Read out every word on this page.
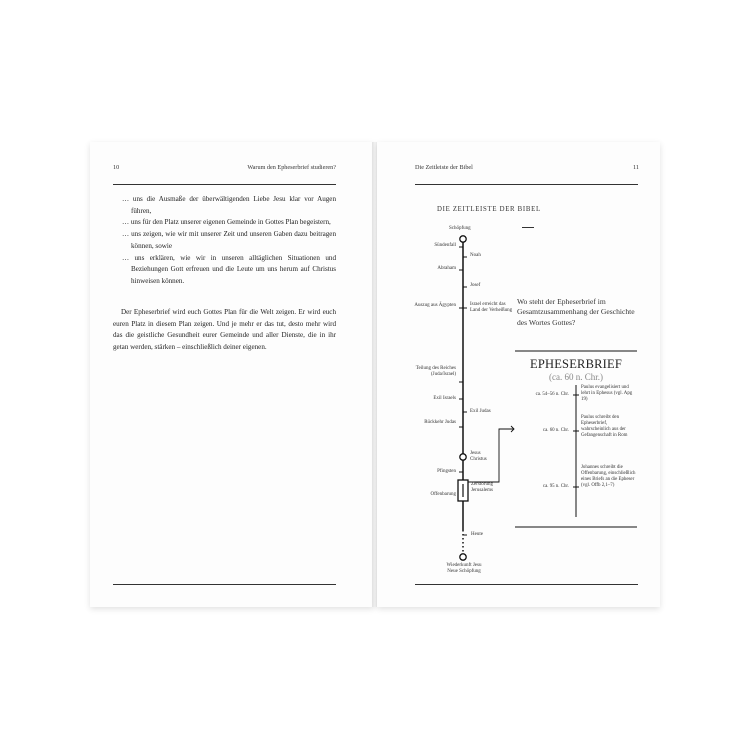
10	Warum den Epheserbrief studieren?
… uns die Ausmaße der überwältigenden Liebe Jesu klar vor Augen führen,
… uns für den Platz unserer eigenen Gemeinde in Gottes Plan begeistern,
… uns zeigen, wie wir mit unserer Zeit und unseren Gaben dazu beitragen können, sowie
… uns erklären, wie wir in unseren alltäglichen Situationen und Beziehungen Gott erfreuen und die Leute um uns herum auf Christus hinweisen können.

Der Epheserbrief wird euch Gottes Plan für die Welt zeigen. Er wird euch euren Platz in diesem Plan zeigen. Und je mehr er das tut, desto mehr wird das die geistliche Gesundheit eurer Gemeinde und aller Dienste, die in ihr getan werden, stärken – einschließlich deiner eigenen.

Die Zeitleiste der Bibel	11
DIE ZEITLEISTE DER BIBEL
Schöpfung
Sündenfall
Noah
Abraham
Josef
Auszug aus Ägypten	Israel erreicht das Land der Verheißung
Teilung des Reiches (Juda/Israel)
Exil Israels
Exil Judas
Rückkehr Judas
Jesus Christus
Pfingsten
Zerstörung Jerusalems
Offenbarung
Heute
Wiederkunft Jesu Neue Schöpfung
Wo steht der Epheserbrief im Gesamtzusammenhang der Geschichte des Wortes Gottes?
EPHESERBRIEF
(ca. 60 n. Chr.)
ca. 54–56 n. Chr.
Paulus evangelisiert und lehrt in Ephesus (vgl. Apg 19)
ca. 60 n. Chr.
Paulus schreibt den Epheserbrief, wahrscheinlich aus der Gefangenschaft in Rom
ca. 95 n. Chr.
Johannes schreibt die Offenbarung, einschließlich eines Briefs an die Epheser (vgl. Offb 2,1–7)
